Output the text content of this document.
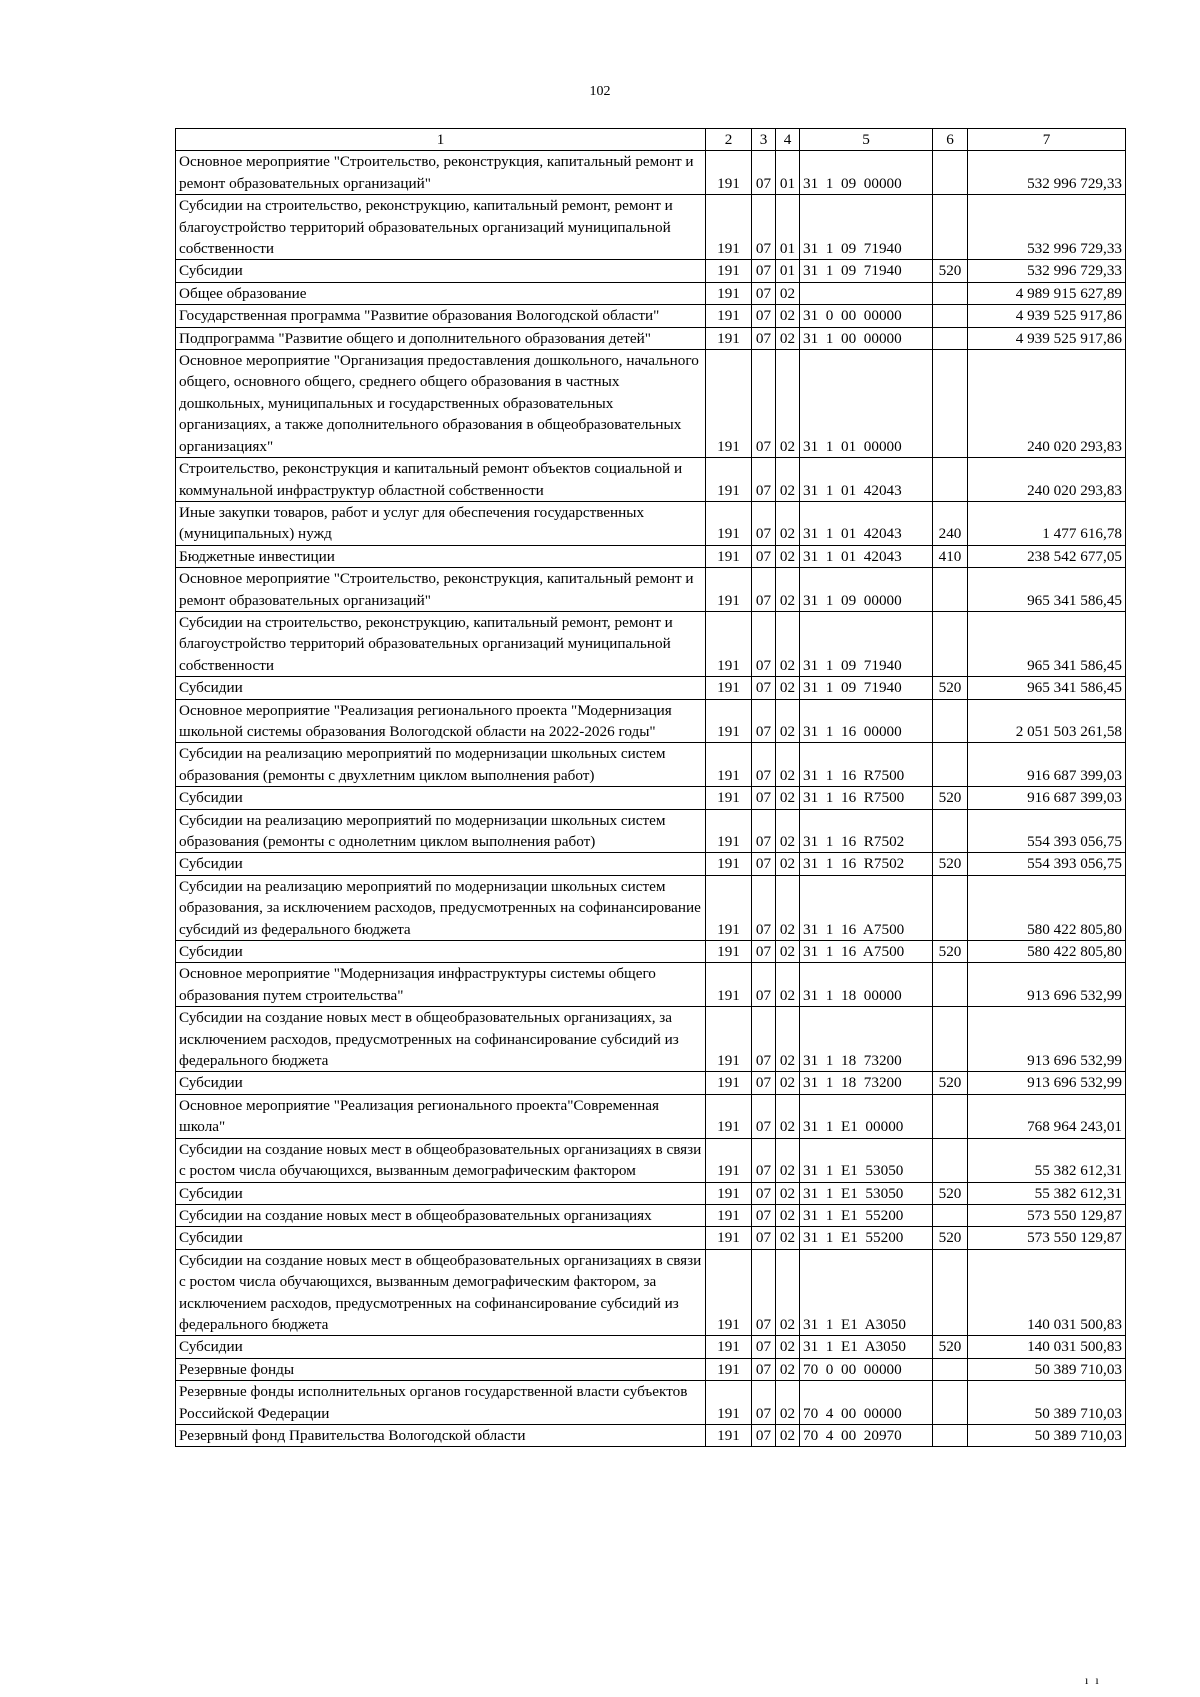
102
1	2	3	4	5	6	7
Основное мероприятие "Строительство, реконструкция, капитальный ремонт и ремонт образовательных организаций"	191	07	01	31  1  09  00000		532 996 729,33
Субсидии на строительство, реконструкцию, капитальный ремонт, ремонт и благоустройство территорий образовательных организаций муниципальной собственности	191	07	01	31  1  09  71940		532 996 729,33
Субсидии	191	07	01	31  1  09  71940	520	532 996 729,33
Общее образование	191	07	02			4 989 915 627,89
Государственная программа "Развитие образования Вологодской области"	191	07	02	31  0  00  00000		4 939 525 917,86
Подпрограмма "Развитие общего и дополнительного образования детей"	191	07	02	31  1  00  00000		4 939 525 917,86
Основное мероприятие "Организация предоставления дошкольного, начального общего, основного общего, среднего общего образования в частных дошкольных, муниципальных и государственных образовательных организациях, а также дополнительного образования в общеобразовательных организациях"	191	07	02	31  1  01  00000		240 020 293,83
Строительство, реконструкция и капитальный ремонт объектов социальной и коммунальной инфраструктур областной собственности	191	07	02	31  1  01  42043		240 020 293,83
Иные закупки товаров, работ и услуг для обеспечения государственных (муниципальных) нужд	191	07	02	31  1  01  42043	240	1 477 616,78
Бюджетные инвестиции	191	07	02	31  1  01  42043	410	238 542 677,05
Основное мероприятие "Строительство, реконструкция, капитальный ремонт и ремонт образовательных организаций"	191	07	02	31  1  09  00000		965 341 586,45
Субсидии на строительство, реконструкцию, капитальный ремонт, ремонт и благоустройство территорий образовательных организаций муниципальной собственности	191	07	02	31  1  09  71940		965 341 586,45
Субсидии	191	07	02	31  1  09  71940	520	965 341 586,45
Основное мероприятие "Реализация регионального проекта "Модернизация школьной системы образования Вологодской области на 2022-2026 годы"	191	07	02	31  1  16  00000		2 051 503 261,58
Субсидии на реализацию мероприятий по модернизации школьных систем образования (ремонты с двухлетним циклом выполнения работ)	191	07	02	31  1  16  R7500		916 687 399,03
Субсидии	191	07	02	31  1  16  R7500	520	916 687 399,03
Субсидии на реализацию мероприятий по модернизации школьных систем образования (ремонты с однолетним циклом выполнения работ)	191	07	02	31  1  16  R7502		554 393 056,75
Субсидии	191	07	02	31  1  16  R7502	520	554 393 056,75
Субсидии на реализацию мероприятий по модернизации школьных систем образования, за исключением расходов, предусмотренных на софинансирование субсидий из федерального бюджета	191	07	02	31  1  16  A7500		580 422 805,80
Субсидии	191	07	02	31  1  16  A7500	520	580 422 805,80
Основное мероприятие "Модернизация инфраструктуры системы общего образования путем строительства"	191	07	02	31  1  18  00000		913 696 532,99
Субсидии на создание новых мест в общеобразовательных организациях, за исключением расходов, предусмотренных на софинансирование субсидий из федерального бюджета	191	07	02	31  1  18  73200		913 696 532,99
Субсидии	191	07	02	31  1  18  73200	520	913 696 532,99
Основное мероприятие "Реализация регионального проекта"Современная школа"	191	07	02	31  1  E1  00000		768 964 243,01
Субсидии на создание новых мест в общеобразовательных организациях в связи с ростом числа обучающихся, вызванным демографическим фактором	191	07	02	31  1  E1  53050		55 382 612,31
Субсидии	191	07	02	31  1  E1  53050	520	55 382 612,31
Субсидии на создание новых мест в общеобразовательных организациях	191	07	02	31  1  E1  55200		573 550 129,87
Субсидии	191	07	02	31  1  E1  55200	520	573 550 129,87
Субсидии на создание новых мест в общеобразовательных организациях в связи с ростом числа обучающихся, вызванным демографическим фактором, за исключением расходов, предусмотренных на софинансирование субсидий из федерального бюджета	191	07	02	31  1  E1  A3050		140 031 500,83
Субсидии	191	07	02	31  1  E1  A3050	520	140 031 500,83
Резервные фонды	191	07	02	70  0  00  00000		50 389 710,03
Резервные фонды исполнительных органов государственной власти субъектов Российской Федерации	191	07	02	70  4  00  00000		50 389 710,03
Резервный фонд Правительства Вологодской области	191	07	02	70  4  00  20970		50 389 710,03
ı ı
